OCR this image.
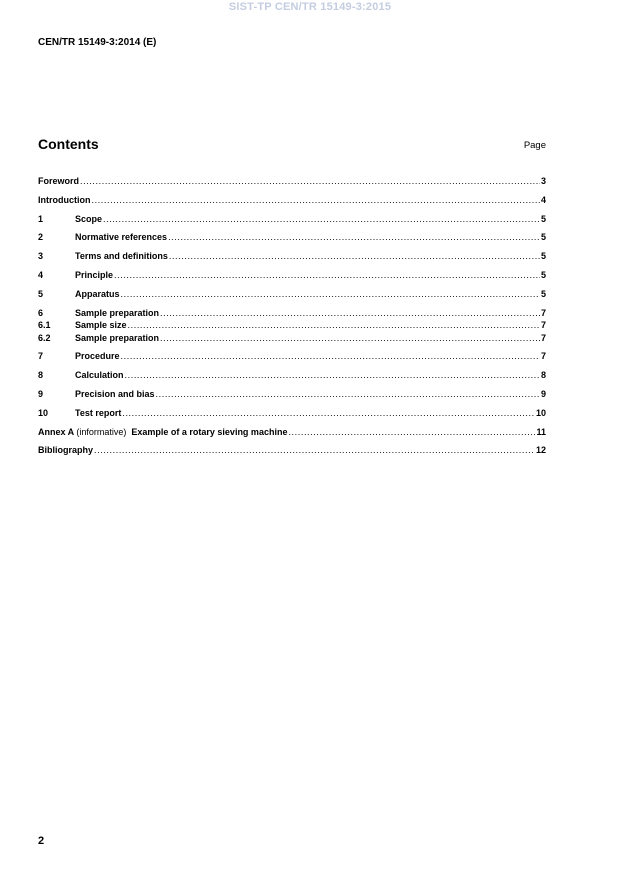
SIST-TP CEN/TR 15149-3:2015
CEN/TR 15149-3:2014 (E)
Contents	Page
Foreword .....	3
Introduction .....	4
1	Scope .....	5
2	Normative references .....	5
3	Terms and definitions .....	5
4	Principle .....	5
5	Apparatus .....	5
6	Sample preparation .....	7
6.1	Sample size .....	7
6.2	Sample preparation .....	7
7	Procedure .....	7
8	Calculation .....	8
9	Precision and bias .....	9
10	Test report .....	10
Annex A (informative) Example of a rotary sieving machine .....	11
Bibliography .....	12
2
